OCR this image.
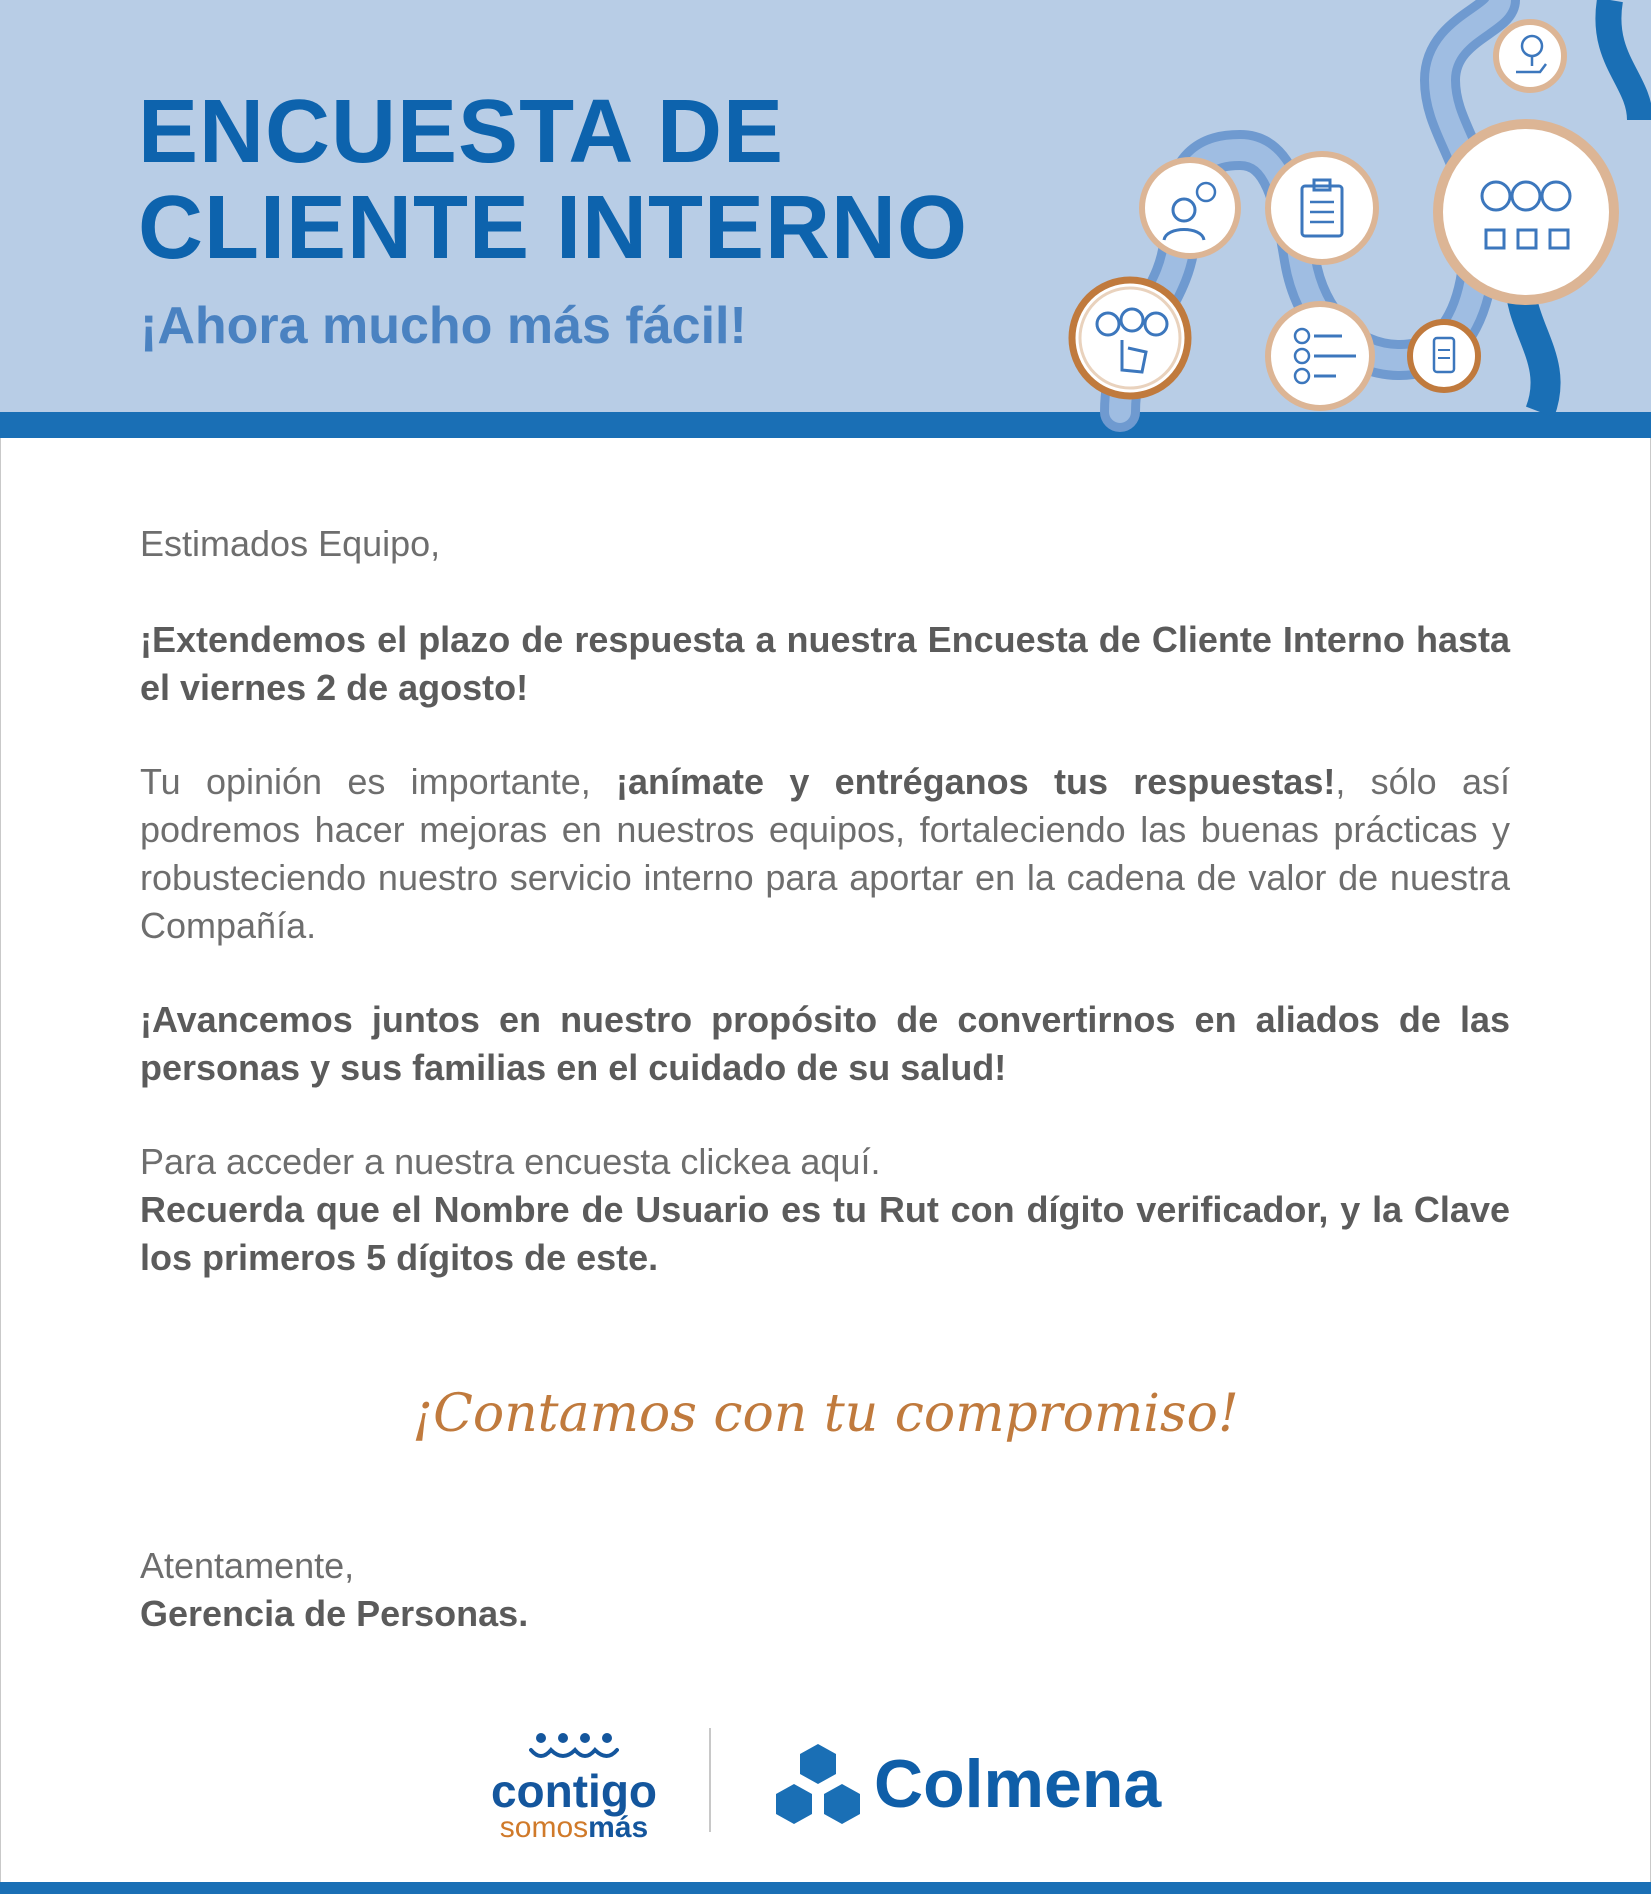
ENCUESTA DE
CLIENTE INTERNO
¡Ahora mucho más fácil!

Estimados Equipo,

¡Extendemos el plazo de respuesta a nuestra Encuesta de Cliente Interno hasta el viernes 2 de agosto!

Tu opinión es importante, ¡anímate y entréganos tus respuestas!, sólo así podremos hacer mejoras en nuestros equipos, fortaleciendo las buenas prácticas y robusteciendo nuestro servicio interno para aportar en la cadena de valor de nuestra Compañía.

¡Avancemos juntos en nuestro propósito de convertirnos en aliados de las personas y sus familias en el cuidado de su salud!

Para acceder a nuestra encuesta clickea aquí.

Recuerda que el Nombre de Usuario es tu Rut con dígito verificador, y la Clave los primeros 5 dígitos de este.

¡Contamos con tu compromiso!
Atentamente,
Gerencia de Personas.
contigo
somosmás
Colmena
